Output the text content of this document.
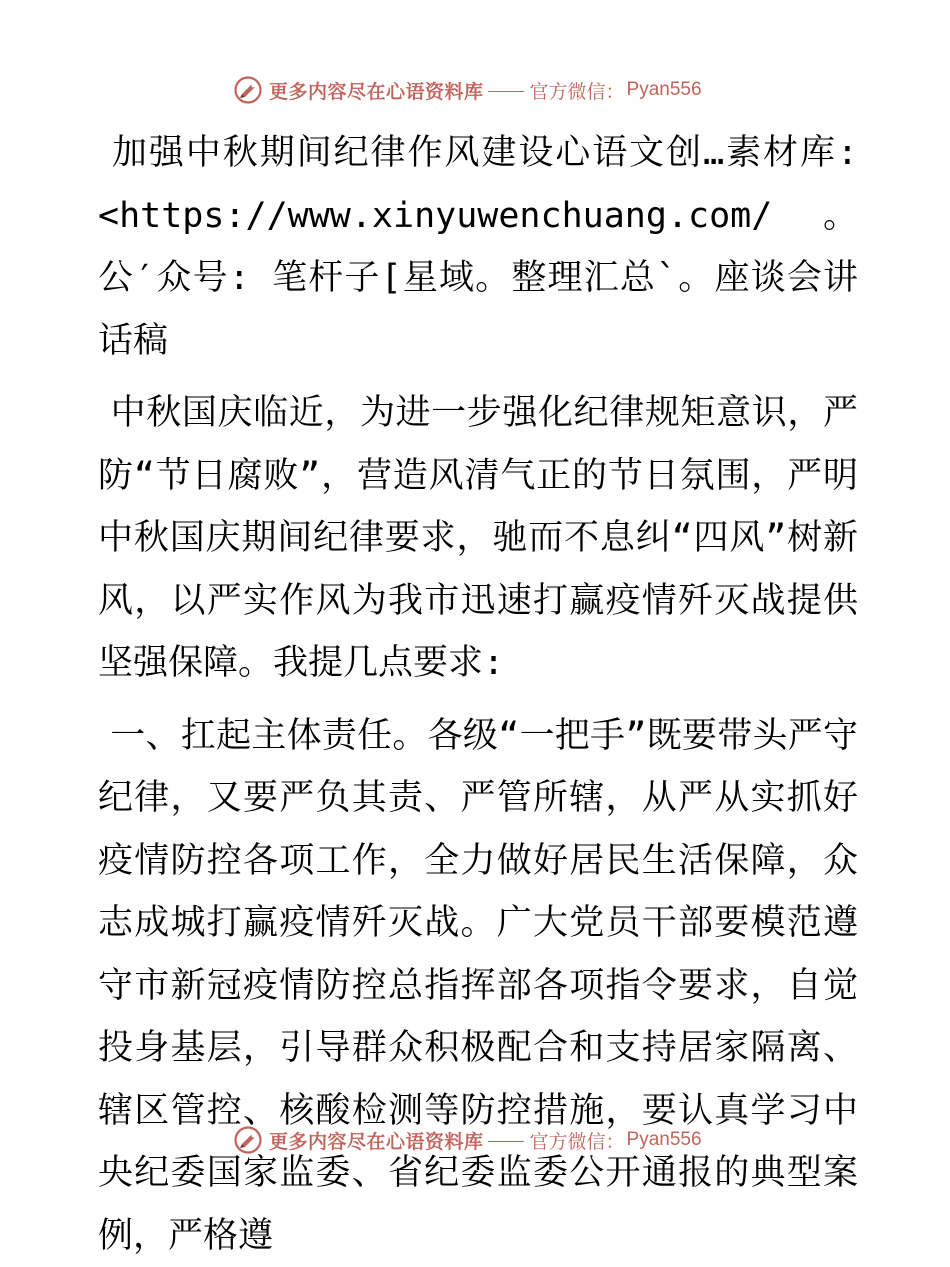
更多内容尽在心语资料库 官方微信： Pyan556

加强中秋期间纪律作风建设心语文创…素材库: <https://www.xinyuwenchuang.com/。公′众号: 笔杆子[星域。整理汇总`。座谈会讲话稿

中秋国庆临近，为进一步强化纪律规矩意识，严防“节日腐败”，营造风清气正的节日氛围，严明中秋国庆期间纪律要求，驰而不息纠“四风”树新风，以严实作风为我市迅速打赢疫情歼灭战提供坚强保障。我提几点要求:

一、扛起主体责任。各级“一把手”既要带头严守纪律，又要严负其责、严管所辖，从严从实抓好疫情防控各项工作，全力做好居民生活保障，众志成城打赢疫情歼灭战。广大党员干部要模范遵守市新冠疫情防控总指挥部各项指令要求，自觉投身基层，引导群众积极配合和支持居家隔离、辖区管控、核酸检测等防控措施，要认真学习中央纪委国家监委、省纪委监委公开通报的典型案例，严格遵

更多内容尽在心语资料库 官方微信： Pyan556
